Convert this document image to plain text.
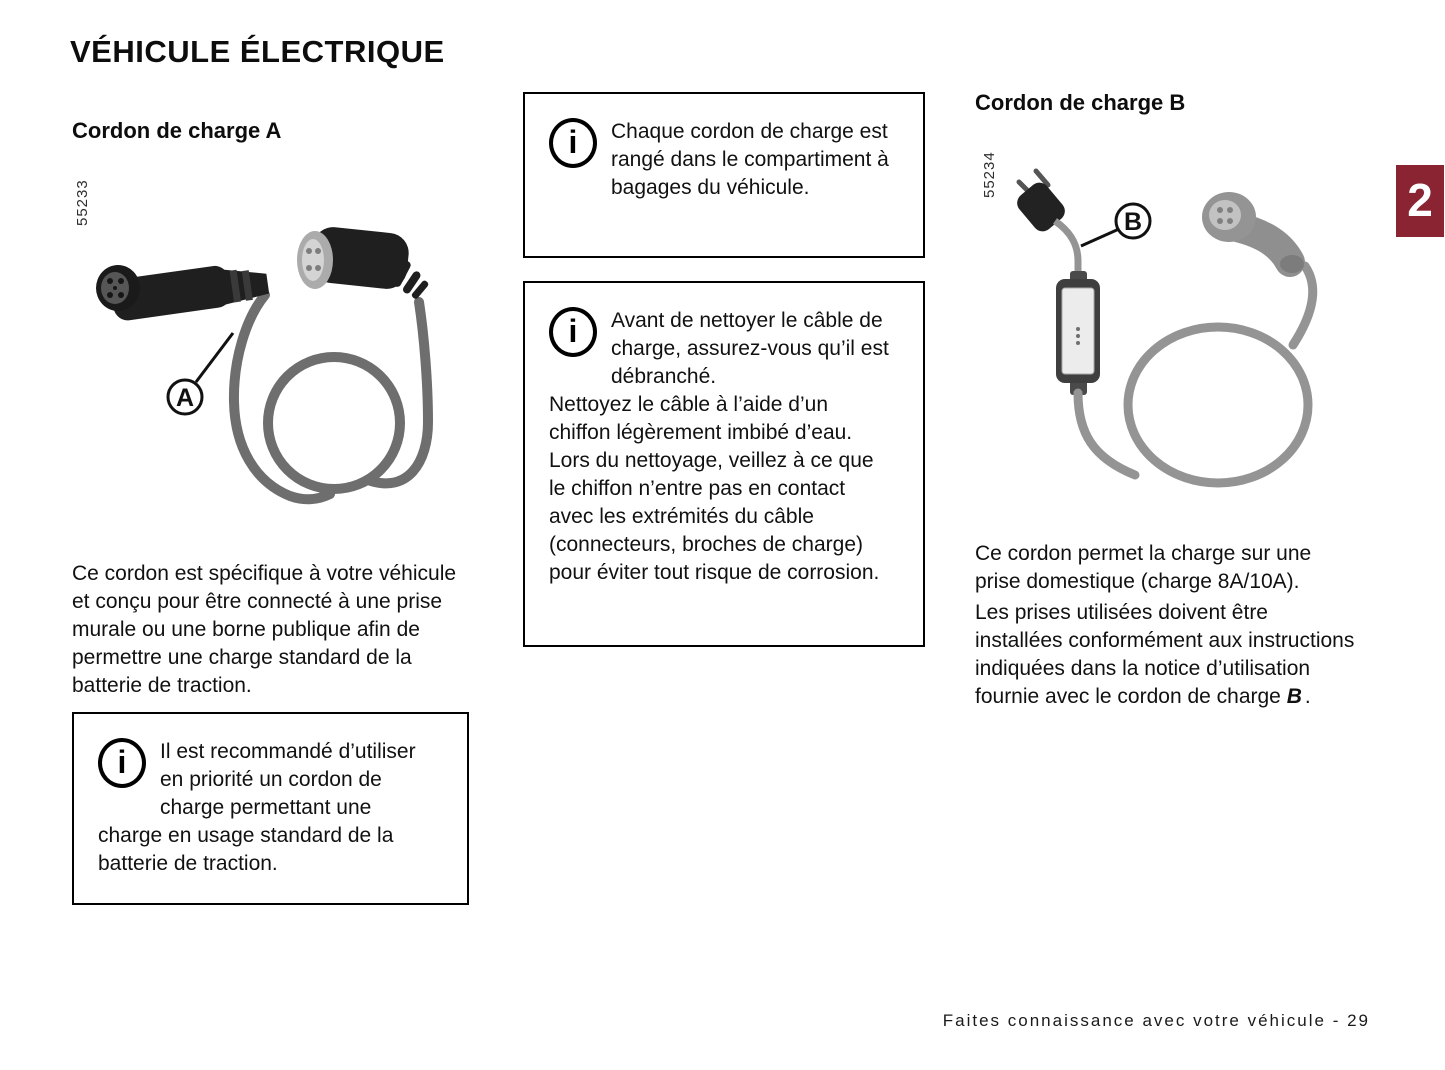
VÉHICULE ÉLECTRIQUE
Cordon de charge A
55233
A
Ce cordon est spécifique à votre véhicule et conçu pour être connecté à une prise murale ou une borne publique afin de permettre une charge standard de la batterie de traction.
i	Il est recommandé d’utiliser en priorité un cordon de charge permettant une charge en usage standard de la batterie de traction.
i	Chaque cordon de charge est rangé dans le compartiment à bagages du véhicule.
i	Avant de nettoyer le câble de charge, assurez-vous qu’il est débranché.

Nettoyez le câble à l’aide d’un chiffon légèrement imbibé d’eau. Lors du nettoyage, veillez à ce que le chiffon n’entre pas en contact avec les extrémités du câble (connecteurs, broches de charge) pour éviter tout risque de corrosion.

Cordon de charge B
55234
B

Ce cordon permet la charge sur une prise domestique (charge 8A/10A).

Les prises utilisées doivent être installées conformément aux instructions indiquées dans la notice d’utilisation fournie avec le cordon de charge B .

2
Faites connaissance avec votre véhicule - 29
